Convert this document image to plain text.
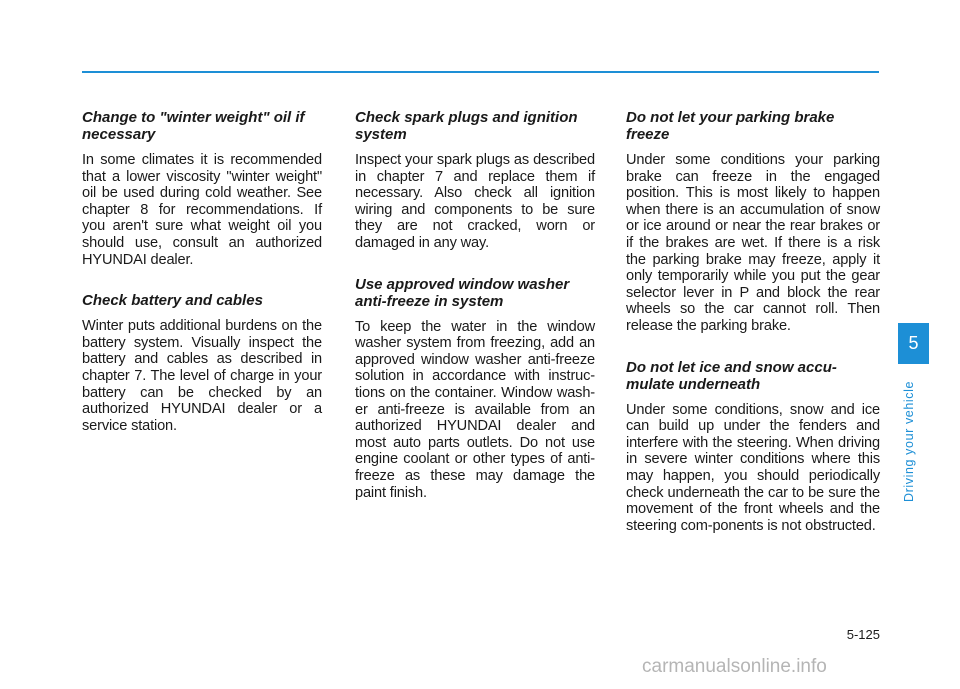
Change to "winter weight" oil if necessary

In some climates it is recommended that a lower viscosity "winter weight" oil be used during cold weather. See chapter 8 for recommendations. If you aren't sure what weight oil you should use, consult an authorized HYUNDAI dealer.

Check battery and cables

Winter puts additional burdens on the battery system. Visually inspect the battery and cables as described in chapter 7. The level of charge in your battery can be checked by an authorized HYUNDAI dealer or a service station.

Check spark plugs and ignition system

Inspect your spark plugs as described in chapter 7 and replace them if necessary. Also check all ignition wiring and components to be sure they are not cracked, worn or damaged in any way.

Use approved window washer anti-freeze in system

To keep the water in the window washer system from freezing, add an approved window washer anti-freeze solution in accordance with instruc-tions on the container. Window wash-er anti-freeze is available from an authorized HYUNDAI dealer and most auto parts outlets. Do not use engine coolant or other types of anti-freeze as these may damage the paint finish.

Do not let your parking brake freeze

Under some conditions your parking brake can freeze in the engaged position. This is most likely to happen when there is an accumulation of snow or ice around or near the rear brakes or if the brakes are wet. If there is a risk the parking brake may freeze, apply it only temporarily while you put the gear selector lever in P and block the rear wheels so the car cannot roll. Then release the parking brake.

Do not let ice and snow accu-mulate underneath

Under some conditions, snow and ice can build up under the fenders and interfere with the steering. When driving in severe winter conditions where this may happen, you should periodically check underneath the car to be sure the movement of the front wheels and the steering com-ponents is not obstructed.

5
Driving your vehicle
5-125
carmanualsonline.info
